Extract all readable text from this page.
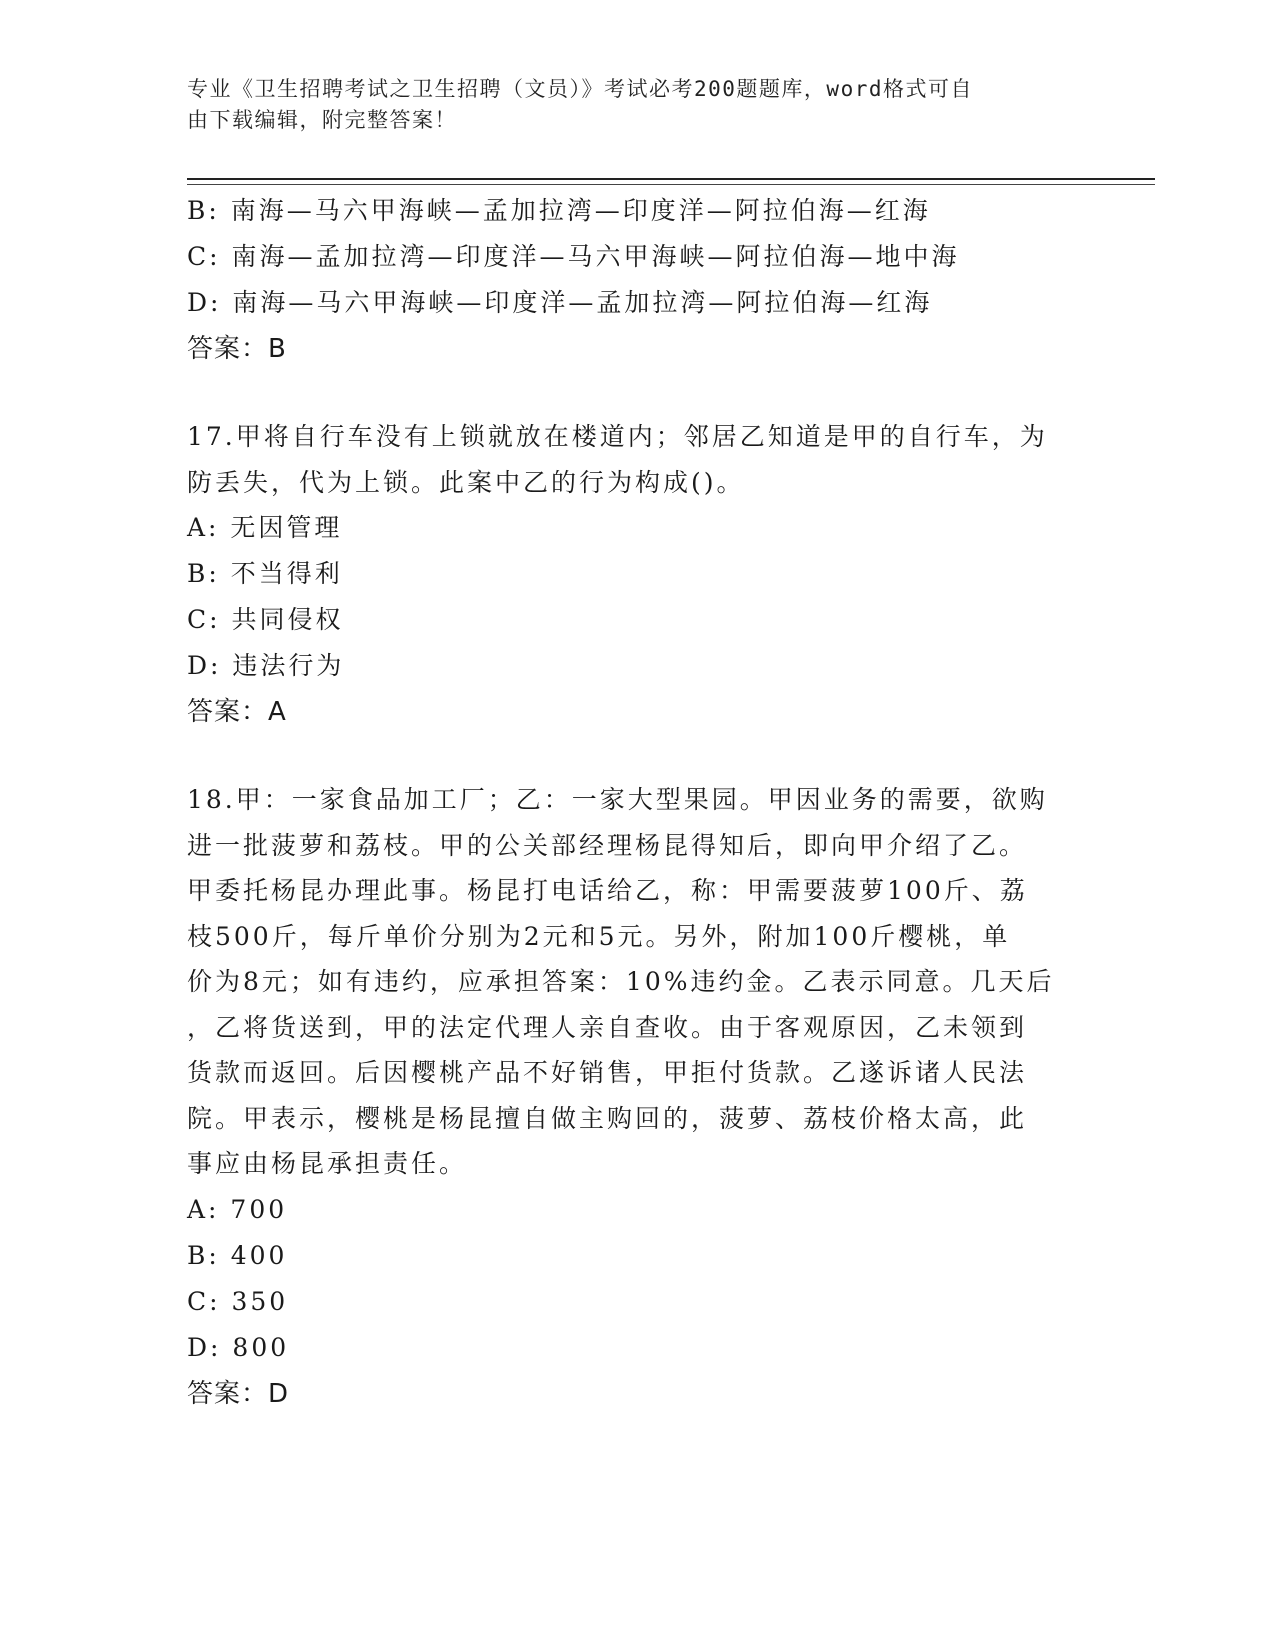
专业《卫生招聘考试之卫生招聘（文员）》考试必考200题题库，word格式可自
由下载编辑，附完整答案！
B: 南海—马六甲海峡—孟加拉湾—印度洋—阿拉伯海—红海
C: 南海—孟加拉湾—印度洋—马六甲海峡—阿拉伯海—地中海
D: 南海—马六甲海峡—印度洋—孟加拉湾—阿拉伯海—红海
答案：B
17.甲将自行车没有上锁就放在楼道内；邻居乙知道是甲的自行车，为
防丢失，代为上锁。此案中乙的行为构成()。
A: 无因管理
B: 不当得利
C: 共同侵权
D: 违法行为
答案：A
18.甲：一家食品加工厂；乙：一家大型果园。甲因业务的需要，欲购
进一批菠萝和荔枝。甲的公关部经理杨昆得知后，即向甲介绍了乙。
甲委托杨昆办理此事。杨昆打电话给乙，称：甲需要菠萝100斤、荔
枝500斤，每斤单价分别为2元和5元。另外，附加100斤樱桃，单
价为8元；如有违约，应承担答案：10%违约金。乙表示同意。几天后
，乙将货送到，甲的法定代理人亲自查收。由于客观原因，乙未领到
货款而返回。后因樱桃产品不好销售，甲拒付货款。乙遂诉诸人民法
院。甲表示，樱桃是杨昆擅自做主购回的，菠萝、荔枝价格太高，此
事应由杨昆承担责任。
A: 700
B: 400
C: 350
D: 800
答案：D
